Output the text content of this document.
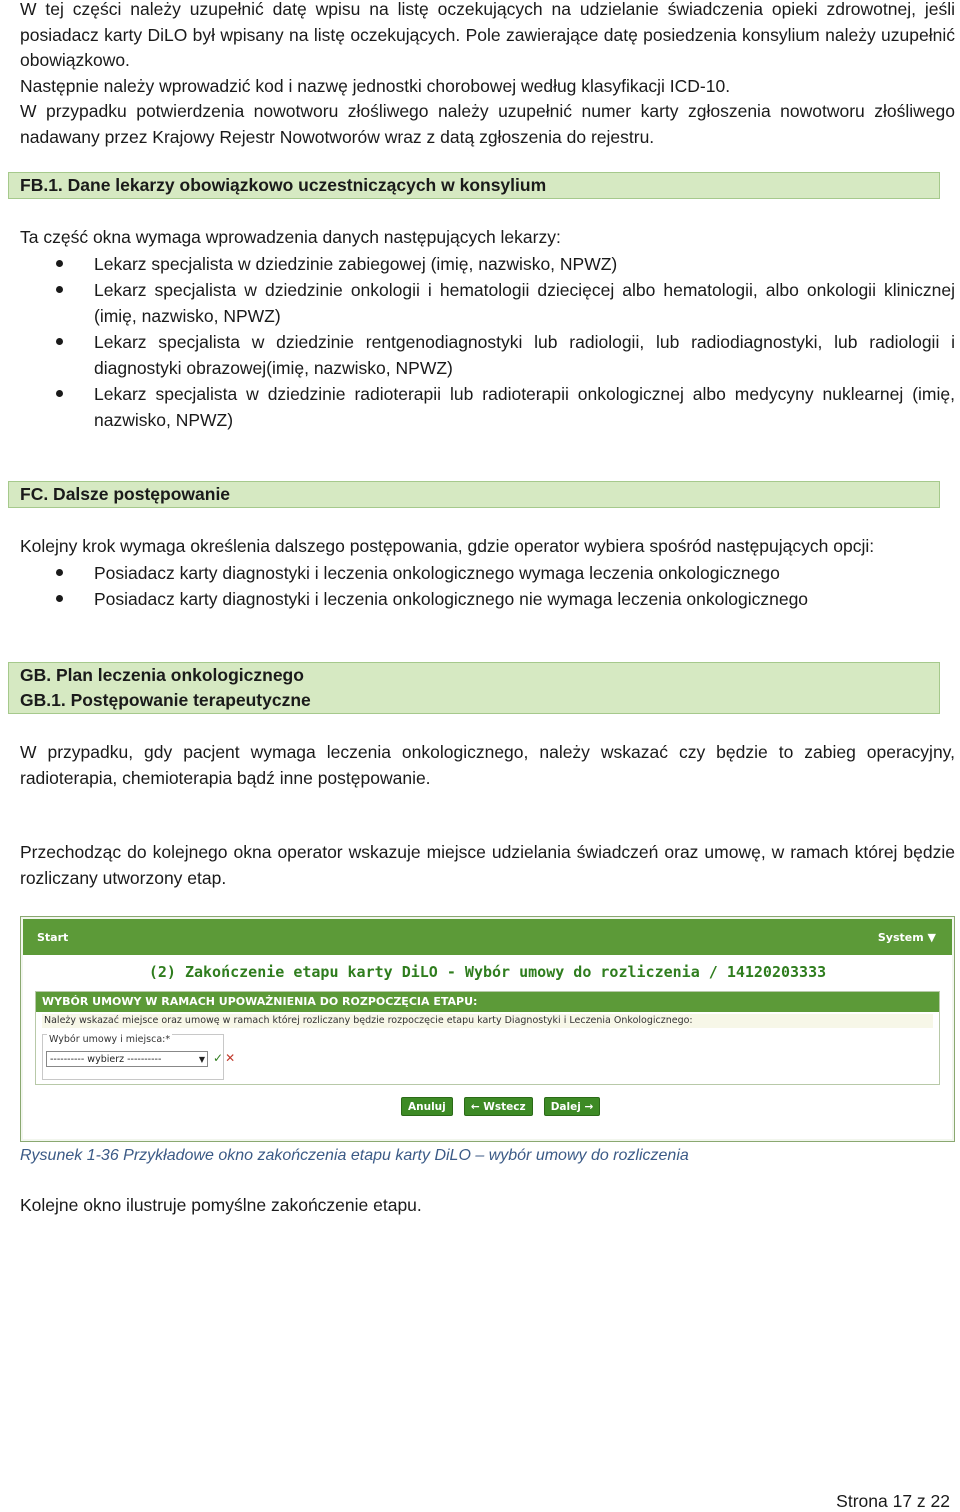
W tej części należy uzupełnić datę wpisu na listę oczekujących na udzielanie świadczenia opieki zdrowotnej, jeśli posiadacz karty DiLO był wpisany na listę oczekujących. Pole zawierające datę posiedzenia konsylium należy uzupełnić obowiązkowo.

Następnie należy wprowadzić kod i nazwę jednostki chorobowej według klasyfikacji ICD-10.

W przypadku potwierdzenia nowotworu złośliwego należy uzupełnić numer karty zgłoszenia nowotworu złośliwego nadawany przez Krajowy Rejestr Nowotworów wraz z datą zgłoszenia do rejestru.

FB.1. Dane lekarzy obowiązkowo uczestniczących w konsylium

Ta część okna wymaga wprowadzenia danych następujących lekarzy:

Lekarz specjalista w dziedzinie zabiegowej (imię, nazwisko, NPWZ)
Lekarz specjalista w dziedzinie onkologii i hematologii dziecięcej albo hematologii, albo onkologii klinicznej (imię, nazwisko, NPWZ)
Lekarz specjalista w dziedzinie rentgenodiagnostyki lub radiologii, lub radiodiagnostyki, lub radiologii i diagnostyki obrazowej(imię, nazwisko, NPWZ)
Lekarz specjalista w dziedzinie radioterapii lub radioterapii onkologicznej albo medycyny nuklearnej (imię, nazwisko, NPWZ)
FC. Dalsze postępowanie

Kolejny krok wymaga określenia dalszego postępowania, gdzie operator wybiera spośród następujących opcji:

Posiadacz karty diagnostyki i leczenia onkologicznego wymaga leczenia onkologicznego
Posiadacz karty diagnostyki i leczenia onkologicznego nie wymaga leczenia onkologicznego
GB. Plan leczenia onkologicznego
GB.1. Postępowanie terapeutyczne

W przypadku, gdy pacjent wymaga leczenia onkologicznego, należy wskazać czy będzie to zabieg operacyjny, radioterapia, chemioterapia bądź inne postępowanie.

Przechodząc do kolejnego okna operator wskazuje miejsce udzielania świadczeń oraz umowę, w ramach której będzie rozliczany utworzony etap.

Start	System ▼
(2) Zakończenie etapu karty DiLO - Wybór umowy do rozliczenia / 14120203333
WYBÓR UMOWY W RAMACH UPOWAŻNIENIA DO ROZPOCZĘCIA ETAPU:
Należy wskazać miejsce oraz umowę w ramach której rozliczany będzie rozpoczęcie etapu karty Diagnostyki i Leczenia Onkologicznego:
Wybór umowy i miejsca:*
---------- wybierz ----------	▼ ✓ ✕
Anuluj ← Wstecz Dalej →
Rysunek 1-36 Przykładowe okno zakończenia etapu karty DiLO – wybór umowy do rozliczenia

Kolejne okno ilustruje pomyślne zakończenie etapu.

Strona 17 z 22
